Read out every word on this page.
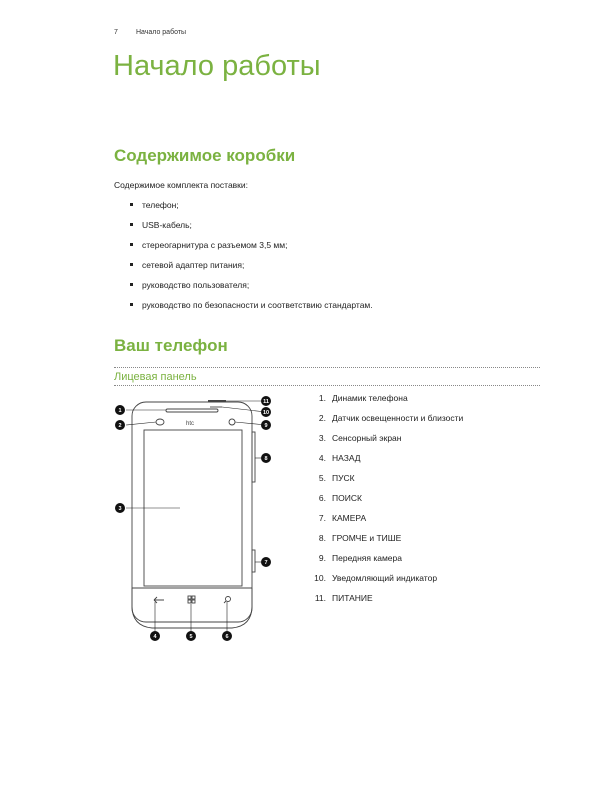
7	Начало работы
Начало работы
Содержимое коробки
Содержимое комплекта поставки:
телефон;
USB-кабель;
стереогарнитура с разъемом 3,5 мм;
сетевой адаптер питания;
руководство пользователя;
руководство по безопасности и соответствию стандартам.
Ваш телефон
Лицевая панель
htc
1
2
3
4	5	6
7
8
9
10
11	1. Динамик телефона
2. Датчик освещенности и близости
3. Сенсорный экран
4. НАЗАД
5. ПУСК
6. ПОИСК
7. КАМЕРА
8. ГРОМЧЕ и ТИШЕ
9. Передняя камера
10. Уведомляющий индикатор
11. ПИТАНИЕ
